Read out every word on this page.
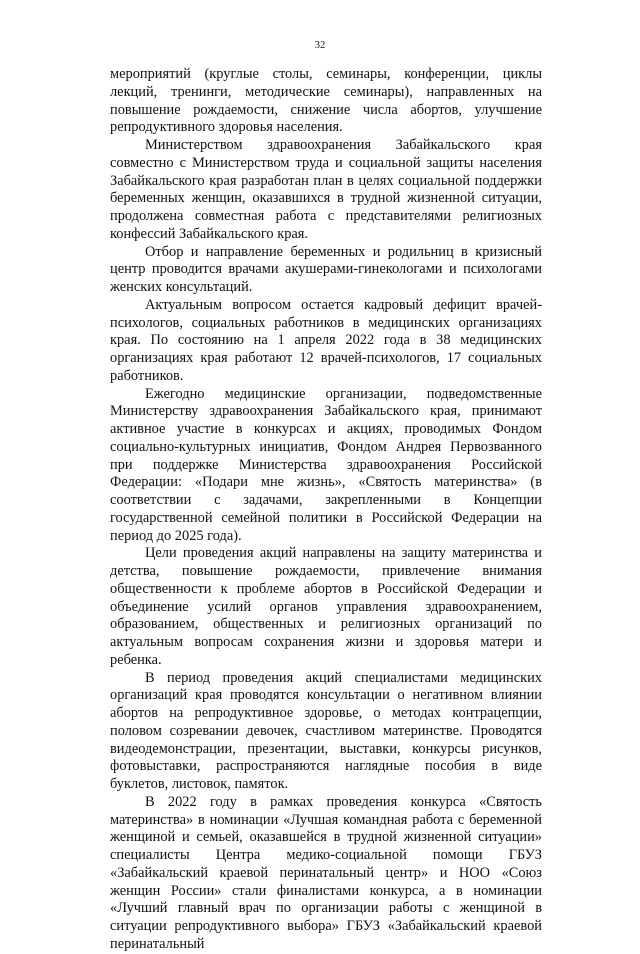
32

мероприятий (круглые столы, семинары, конференции, циклы лекций, тренинги, методические семинары), направленных на повышение рождаемости, снижение числа абортов, улучшение репродуктивного здоровья населения.

Министерством здравоохранения Забайкальского края совместно с Министерством труда и социальной защиты населения Забайкальского края разработан план в целях социальной поддержки беременных женщин, оказавшихся в трудной жизненной ситуации, продолжена совместная работа с представителями религиозных конфессий Забайкальского края.

Отбор и направление беременных и родильниц в кризисный центр проводится врачами акушерами-гинекологами и психологами женских консультаций.

Актуальным вопросом остается кадровый дефицит врачей-психологов, социальных работников в медицинских организациях края. По состоянию на 1 апреля 2022 года в 38 медицинских организациях края работают 12 врачей-психологов, 17 социальных работников.

Ежегодно медицинские организации, подведомственные Министерству здравоохранения Забайкальского края, принимают активное участие в конкурсах и акциях, проводимых Фондом социально-культурных инициатив, Фондом Андрея Первозванного при поддержке Министерства здравоохранения Российской Федерации: «Подари мне жизнь», «Святость материнства» (в соответствии с задачами, закрепленными в Концепции государственной семейной политики в Российской Федерации на период до 2025 года).

Цели проведения акций направлены на защиту материнства и детства, повышение рождаемости, привлечение внимания общественности к проблеме абортов в Российской Федерации и объединение усилий органов управления здравоохранением, образованием, общественных и религиозных организаций по актуальным вопросам сохранения жизни и здоровья матери и ребенка.

В период проведения акций специалистами медицинских организаций края проводятся консультации о негативном влиянии абортов на репродуктивное здоровье, о методах контрацепции, половом созревании девочек, счастливом материнстве. Проводятся видеодемонстрации, презентации, выставки, конкурсы рисунков, фотовыставки, распространяются наглядные пособия в виде буклетов, листовок, памяток.

В 2022 году в рамках проведения конкурса «Святость материнства» в номинации «Лучшая командная работа с беременной женщиной и семьей, оказавшейся в трудной жизненной ситуации» специалисты Центра медико-социальной помощи ГБУЗ «Забайкальский краевой перинатальный центр» и НОО «Союз женщин России» стали финалистами конкурса, а в номинации «Лучший главный врач по организации работы с женщиной в ситуации репродуктивного выбора» ГБУЗ «Забайкальский краевой перинатальный
